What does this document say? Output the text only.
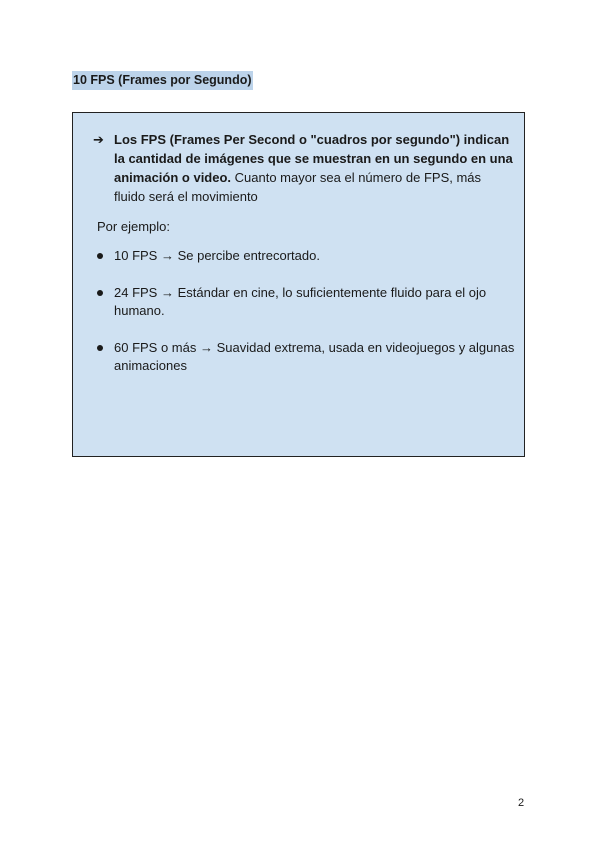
10 FPS (Frames por Segundo)
➔ Los FPS (Frames Per Second o "cuadros por segundo") indican la cantidad de imágenes que se muestran en un segundo en una animación o video. Cuanto mayor sea el número de FPS, más fluido será el movimiento
Por ejemplo:
10 FPS → Se percibe entrecortado.
24 FPS → Estándar en cine, lo suficientemente fluido para el ojo humano.
60 FPS o más → Suavidad extrema, usada en videojuegos y algunas animaciones
2
